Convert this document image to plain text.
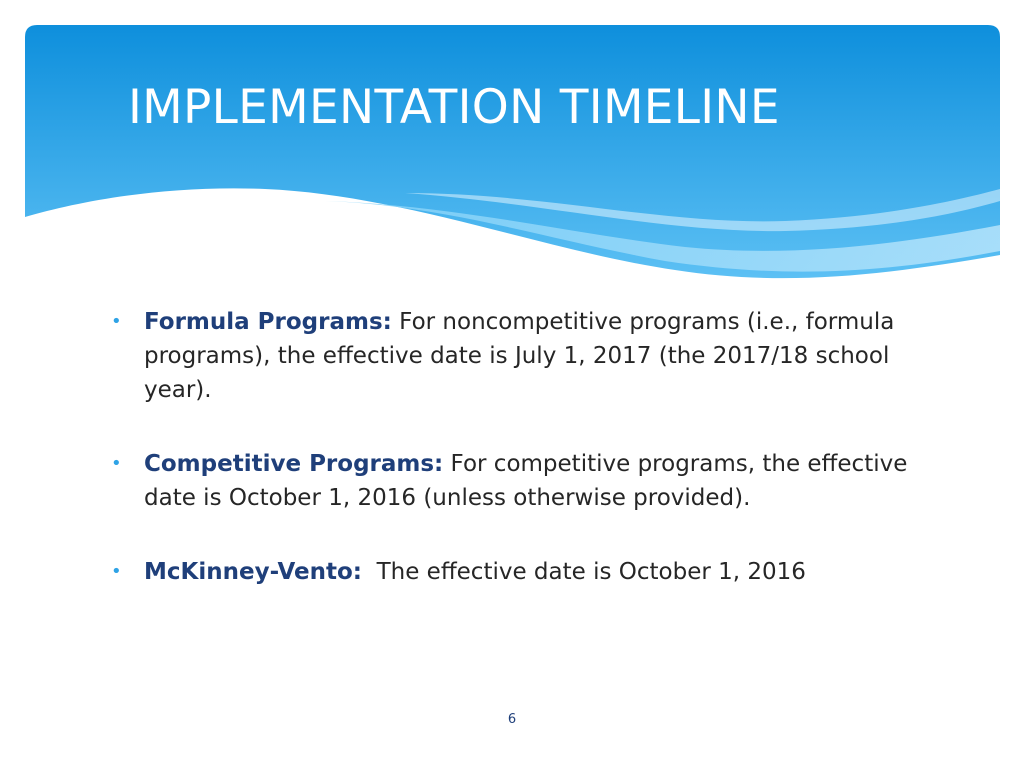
IMPLEMENTATION TIMELINE
• Formula Programs: For noncompetitive programs (i.e., formula programs), the effective date is July 1, 2017 (the 2017/18 school year).
• Competitive Programs: For competitive programs, the effective date is October 1, 2016 (unless otherwise provided).
• McKinney-Vento:  The effective date is October 1, 2016
6
